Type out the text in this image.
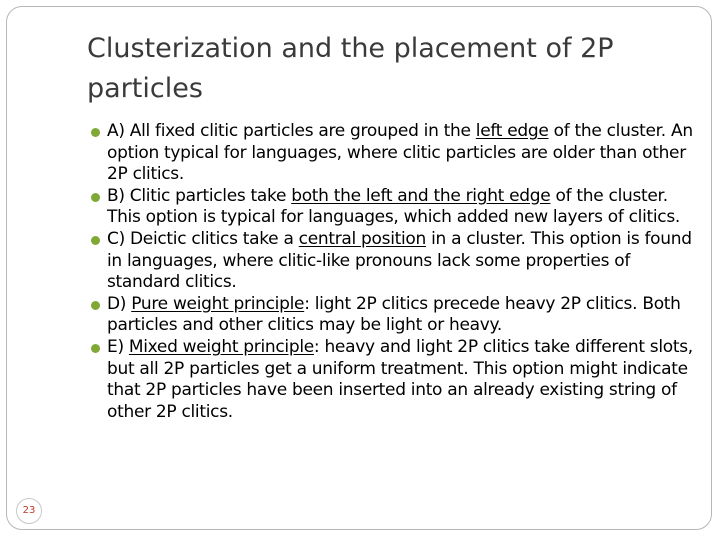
Clusterization and the placement of 2P particles
A) All fixed clitic particles are grouped in the left edge of the cluster. An option typical for languages, where clitic particles are older than other 2P clitics.
B) Clitic particles take both the left and the right edge of the cluster. This option is typical for languages, which added new layers of clitics.
C) Deictic clitics take a central position in a cluster. This option is found in languages, where clitic-like pronouns lack some properties of standard clitics.
D) Pure weight principle: light 2P clitics precede heavy 2P clitics. Both particles and other clitics may be light or heavy.
E) Mixed weight principle: heavy and light 2P clitics take different slots, but all 2P particles get a uniform treatment. This option might indicate that 2P particles have been inserted into an already existing string of other 2P clitics.
23
